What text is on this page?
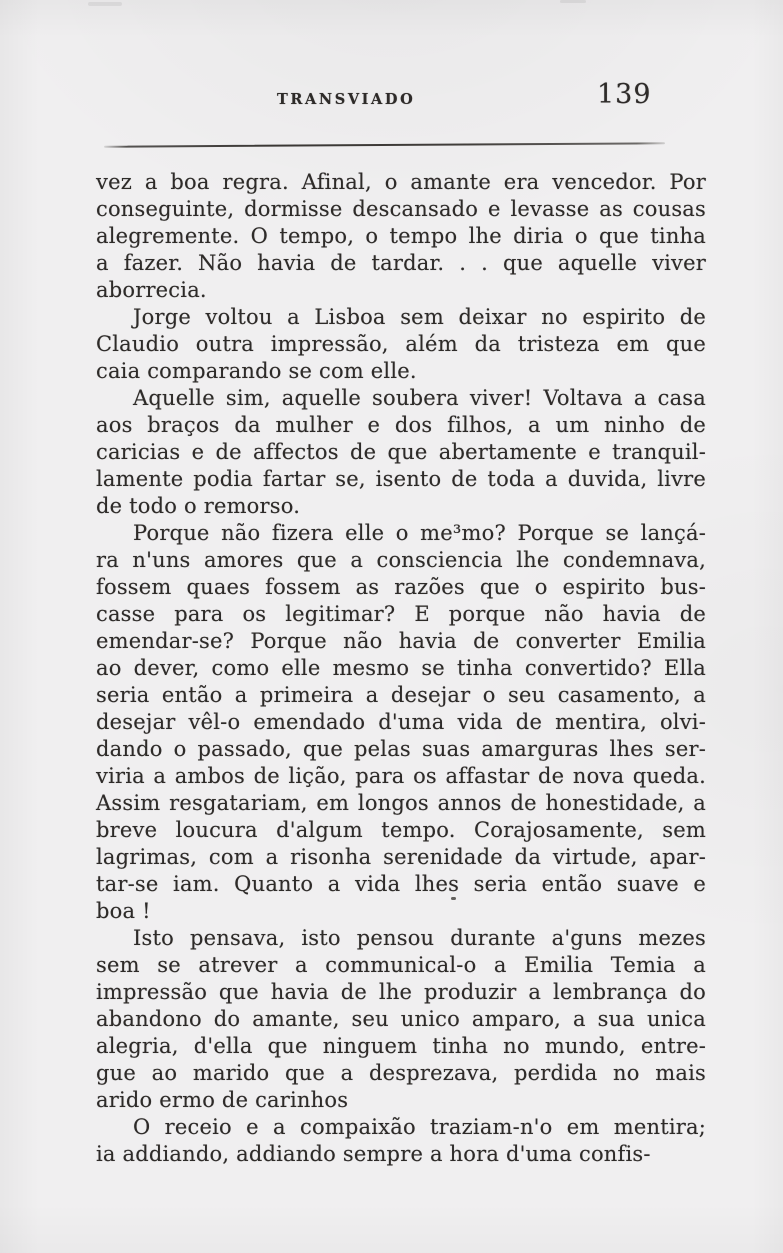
TRANSVIADO	139
vez a boa regra. Afinal, o amante era vencedor. Por
conseguinte, dormisse descansado e levasse as cousas
alegremente. O tempo, o tempo lhe diria o que tinha
a fazer. Não havia de tardar. . . que aquelle viver
aborrecia.
Jorge voltou a Lisboa sem deixar no espirito de
Claudio outra impressão, além da tristeza em que
caia comparando se com elle.
Aquelle sim, aquelle soubera viver! Voltava a casa
aos braços da mulher e dos filhos, a um ninho de
caricias e de affectos de que abertamente e tranquil-
lamente podia fartar se, isento de toda a duvida, livre
de todo o remorso.
Porque não fizera elle o me³mo? Porque se lançá-
ra n'uns amores que a consciencia lhe condemnava,
fossem quaes fossem as razões que o espirito bus-
casse para os legitimar? E porque não havia de
emendar-se? Porque não havia de converter Emilia
ao dever, como elle mesmo se tinha convertido? Ella
seria então a primeira a desejar o seu casamento, a
desejar vêl-o emendado d'uma vida de mentira, olvi-
dando o passado, que pelas suas amarguras lhes ser-
viria a ambos de lição, para os affastar de nova queda.
Assim resgatariam, em longos annos de honestidade, a
breve loucura d'algum tempo. Corajosamente, sem
lagrimas, com a risonha serenidade da virtude, apar-
tar-se iam. Quanto a vida lhes seria então suave e
boa !
Isto pensava, isto pensou durante a'guns mezes
sem se atrever a communical-o a Emilia Temia a
impressão que havia de lhe produzir a lembrança do
abandono do amante, seu unico amparo, a sua unica
alegria, d'ella que ninguem tinha no mundo, entre-
gue ao marido que a desprezava, perdida no mais
arido ermo de carinhos
O receio e a compaixão traziam-n'o em mentira;
ia addiando, addiando sempre a hora d'uma confis-
